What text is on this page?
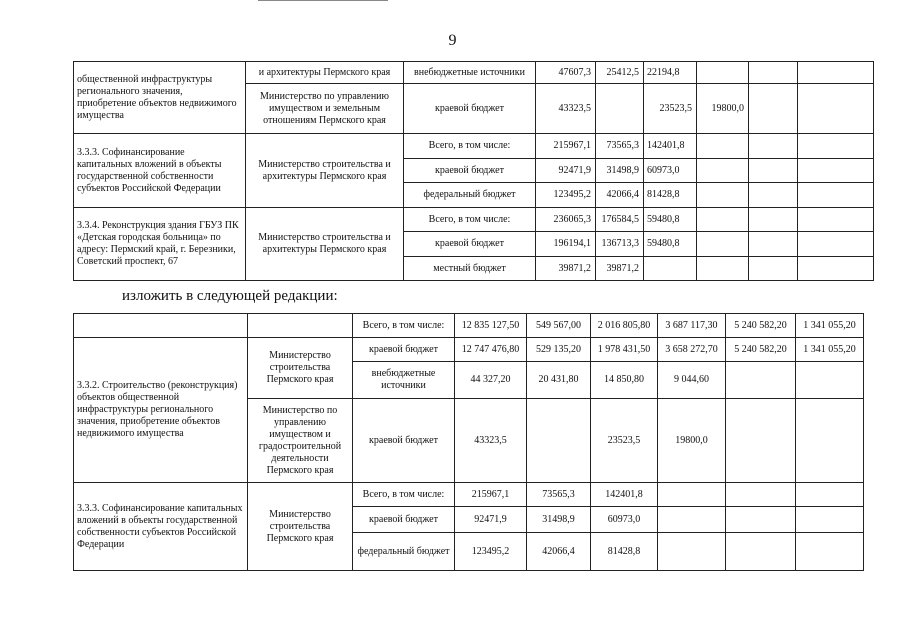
9
общественной инфраструктуры регионального значения, приобретение объектов недвижимого имущества	и архитектуры Пермского края	внебюджетные источники	47607,3	25412,5	22194,8			
	Министерство по управлению имуществом и земельным отношениям Пермского края	краевой бюджет	43323,5		23523,5	19800,0		
3.3.3. Софинансирование капитальных вложений в объекты государственной собственности субъектов Российской Федерации	Министерство строительства и архитектуры Пермского края	Всего, в том числе:	215967,1	73565,3	142401,8			
		краевой бюджет	92471,9	31498,9	60973,0			
		федеральный бюджет	123495,2	42066,4	81428,8			
3.3.4. Реконструкция здания ГБУЗ ПК «Детская городская больница» по адресу: Пермский край, г. Березники, Советский проспект, 67	Министерство строительства и архитектуры Пермского края	Всего, в том числе:	236065,3	176584,5	59480,8			
		краевой бюджет	196194,1	136713,3	59480,8			
		местный бюджет	39871,2	39871,2				
изложить в следующей редакции:
		Всего, в том числе:	12 835 127,50	549 567,00	2 016 805,80	3 687 117,30	5 240 582,20	1 341 055,20
3.3.2. Строительство (реконструкция) объектов общественной инфраструктуры регионального значения, приобретение объектов недвижимого имущества	Министерство строительства Пермского края	краевой бюджет	12 747 476,80	529 135,20	1 978 431,50	3 658 272,70	5 240 582,20	1 341 055,20
		внебюджетные источники	44 327,20	20 431,80	14 850,80	9 044,60		
	Министерство по управлению имуществом и градостроительной деятельности Пермского края	краевой бюджет	43323,5		23523,5	19800,0		
3.3.3. Софинансирование капитальных вложений в объекты государственной собственности субъектов Российской Федерации	Министерство строительства Пермского края	Всего, в том числе:	215967,1	73565,3	142401,8			
		краевой бюджет	92471,9	31498,9	60973,0			
		федеральный бюджет	123495,2	42066,4	81428,8			
